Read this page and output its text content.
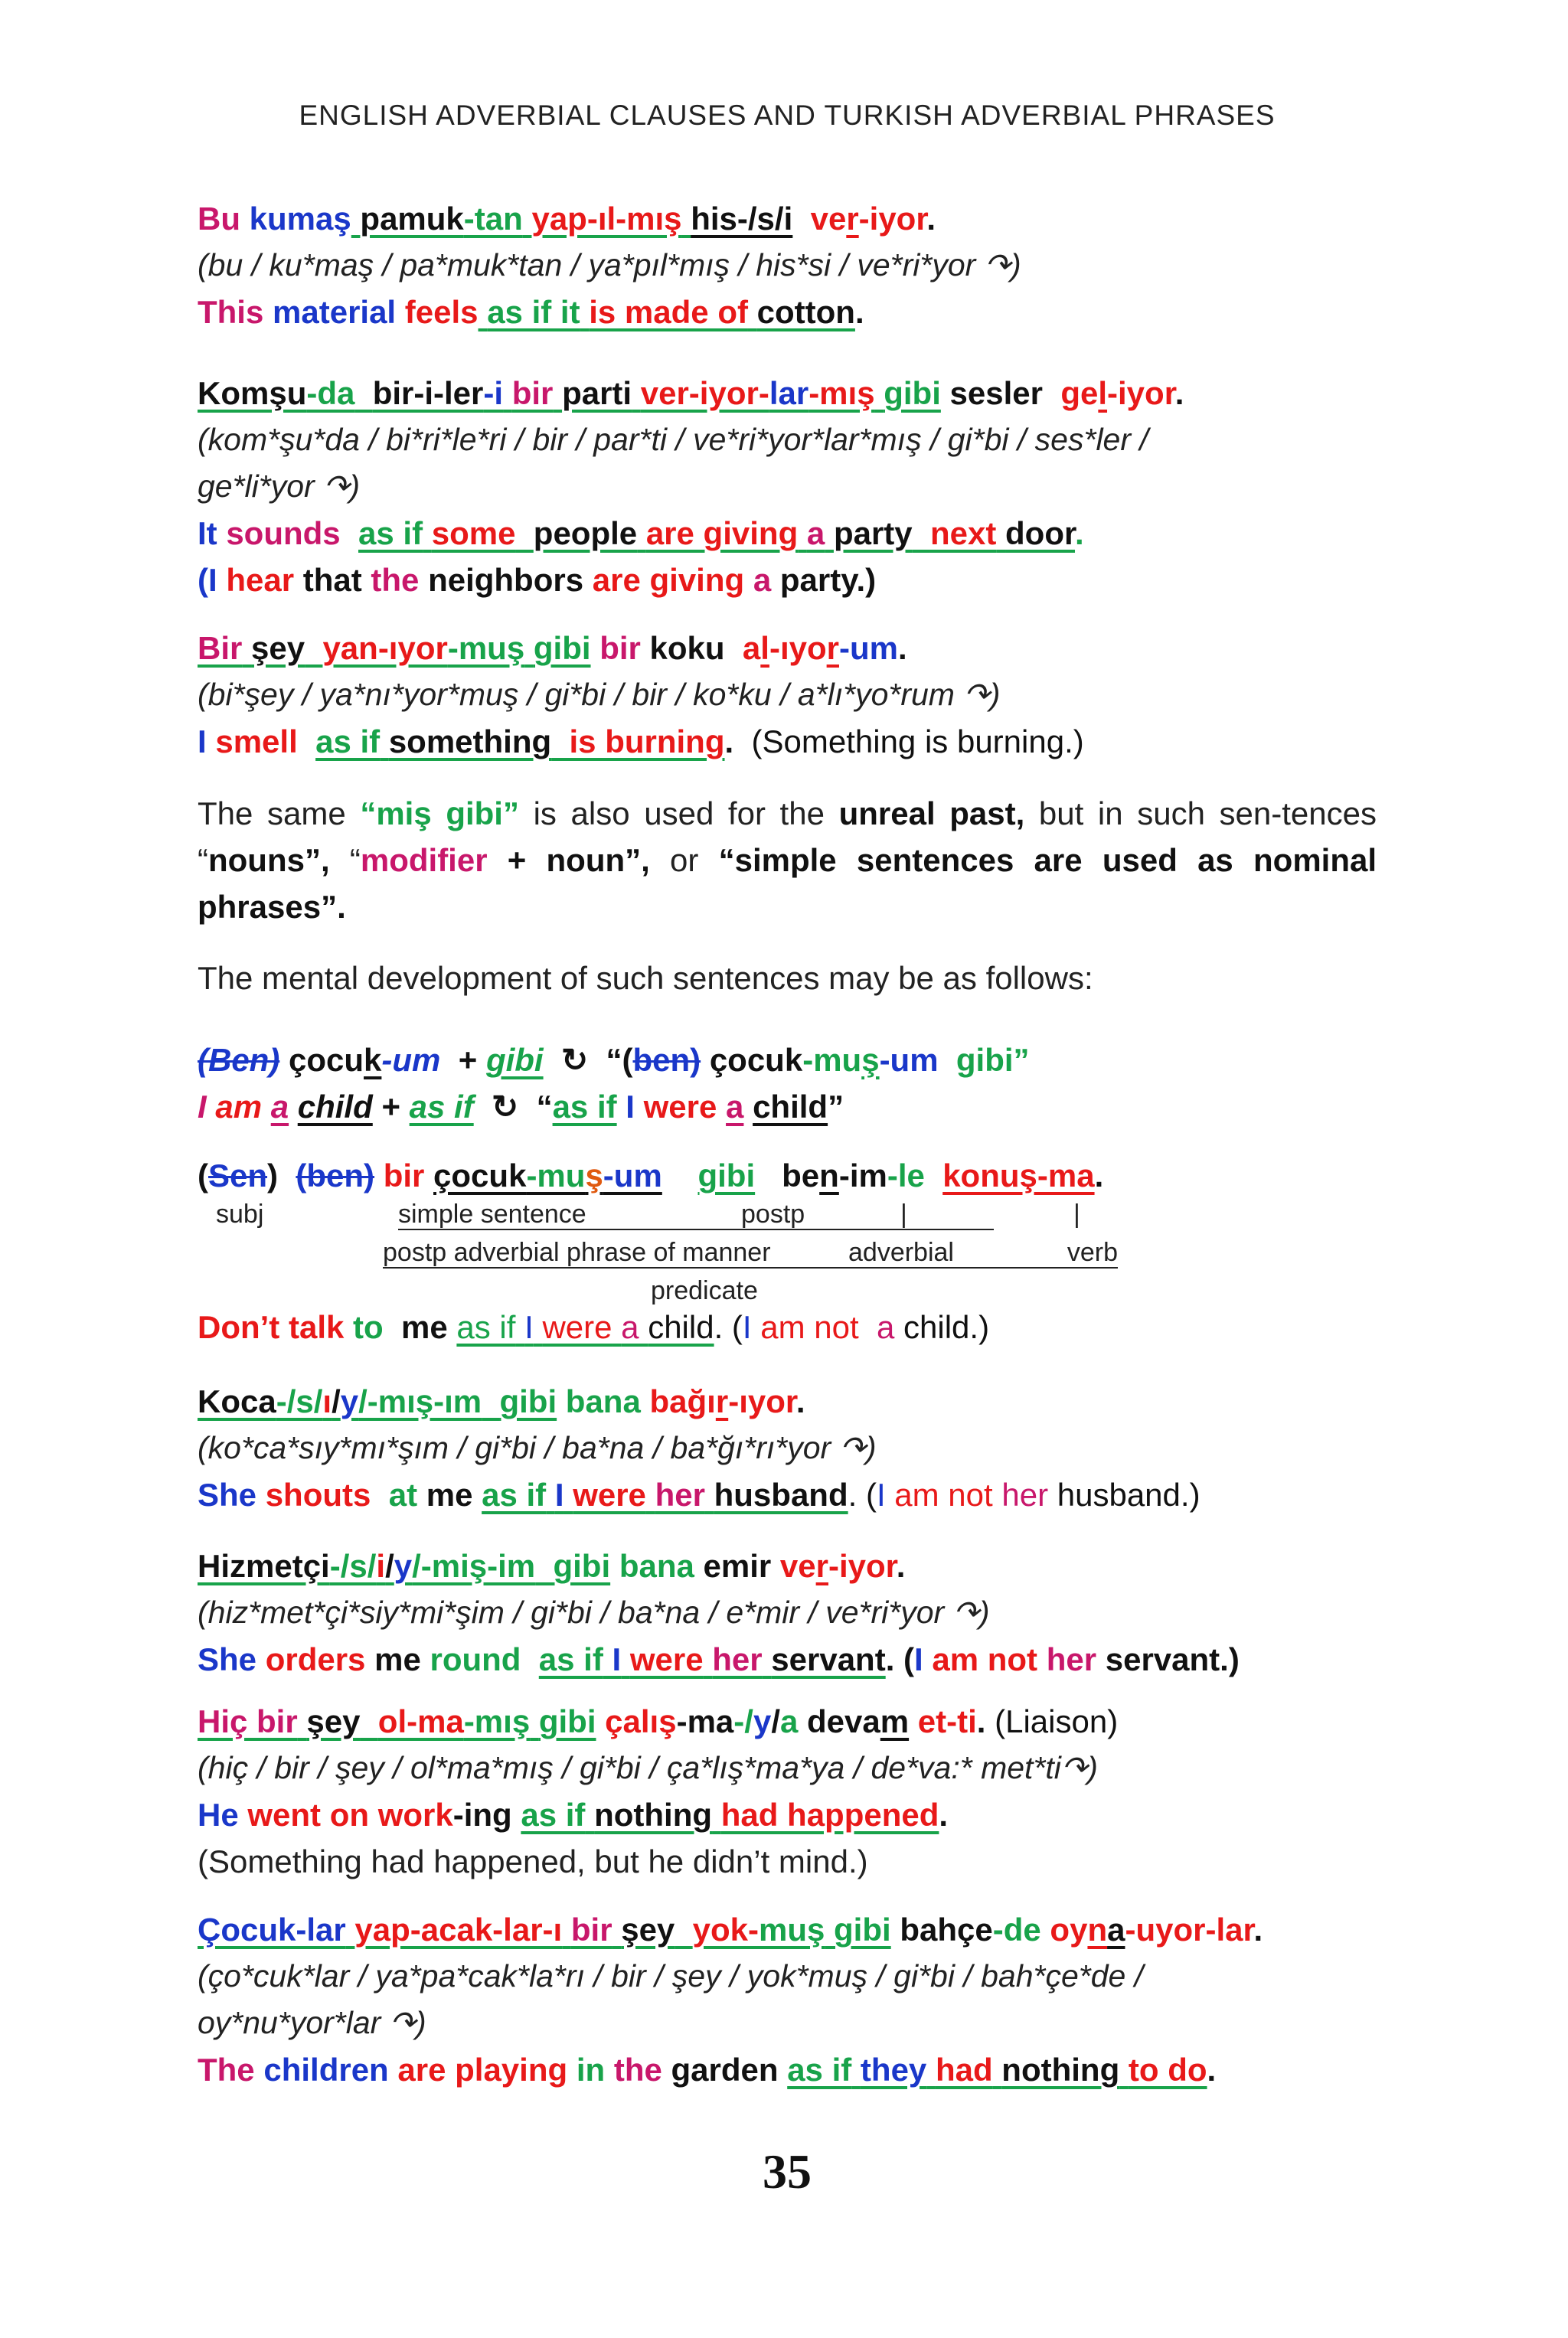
ENGLISH ADVERBIAL CLAUSES AND TURKISH ADVERBIAL PHRASES
Bu kumaş pamuk-tan yap-ıl-mış his-/s/i ver-iyor.
(bu / ku*maş / pa*muk*tan / ya*pıl*mış / his*si / ve*ri*yor ↷)
This material feels as if it is made of cotton.
Komşu-da bir-i-ler-i bir parti ver-iyor-lar-mış gibi sesler gel-iyor.
(kom*şu*da / bi*ri*le*ri / bir / par*ti / ve*ri*yor*lar*mış / gi*bi / ses*ler /
ge*li*yor ↷)
It sounds as if some people are giving a party next door.
(I hear that the neighbors are giving a party.)
Bir şey yan-ıyor-muş gibi bir koku al-ıyor-um.
(bi*şey / ya*nı*yor*muş / gi*bi / bir / ko*ku / a*lı*yo*rum ↷)
I smell as if something is burning. (Something is burning.)
The same “miş gibi” is also used for the unreal past, but in such sen-tences “nouns”, “modifier + noun”, or “simple sentences are used as nominal phrases”.
The mental development of such sentences may be as follows:
(Ben) çocuk-um + gibi ↻ “(ben) çocuk-muş-um gibi”
I am a child + as if ↻ “as if I were a child”
(Sen) (ben) bir çocuk-muş-um gibi ben-im-le konuş-ma.
subj	simple sentence	postp	|	|
postp adverbial phrase of manner	adverbial	verb
predicate
Don’t talk to me as if I were a child. (I am not a child.)
Koca-/s/ı/y/-mış-ım gibi bana bağır-ıyor.
(ko*ca*sıy*mı*şım / gi*bi / ba*na / ba*ğı*rı*yor ↷)
She shouts at me as if I were her husband. (I am not her husband.)
Hizmetçi-/s/i/y/-miş-im gibi bana emir ver-iyor.
(hiz*met*çi*siy*mi*şim / gi*bi / ba*na / e*mir / ve*ri*yor ↷)
She orders me round as if I were her servant. (I am not her servant.)
Hiç bir şey ol-ma-mış gibi çalış-ma-/y/a devam et-ti. (Liaison)
(hiç / bir / şey / ol*ma*mış / gi*bi / ça*lış*ma*ya / de*va:* met*ti↷)
He went on work-ing as if nothing had happened.
(Something had happened, but he didn’t mind.)
Çocuk-lar yap-acak-lar-ı bir şey yok-muş gibi bahçe-de oyna-uyor-lar.
(ço*cuk*lar / ya*pa*cak*la*rı / bir / şey / yok*muş / gi*bi / bah*çe*de /
oy*nu*yor*lar ↷)
The children are playing in the garden as if they had nothing to do.
35
